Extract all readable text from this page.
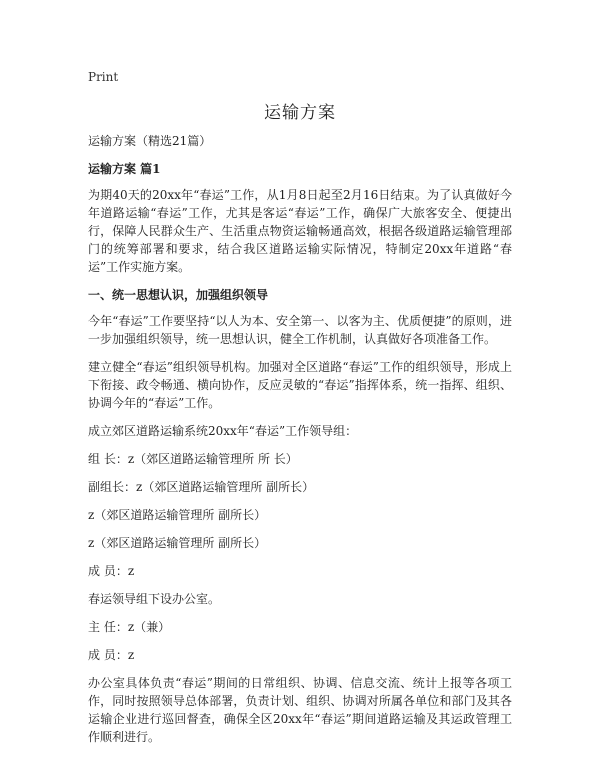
Print
运输方案

运输方案（精选21篇）

运输方案 篇1

为期40天的20xx年“春运”工作，从1月8日起至2月16日结束。为了认真做好今年道路运输“春运”工作，尤其是客运“春运”工作，确保广大旅客安全、便捷出行，保障人民群众生产、生活重点物资运输畅通高效，根据各级道路运输管理部门的统筹部署和要求，结合我区道路运输实际情况，特制定20xx年道路“春运”工作实施方案。

一、统一思想认识，加强组织领导

今年“春运”工作要坚持“以人为本、安全第一、以客为主、优质便捷”的原则，进一步加强组织领导，统一思想认识，健全工作机制，认真做好各项准备工作。

建立健全“春运”组织领导机构。加强对全区道路“春运”工作的组织领导，形成上下衔接、政令畅通、横向协作，反应灵敏的“春运”指挥体系，统一指挥、组织、协调今年的“春运”工作。

成立郊区道路运输系统20xx年“春运”工作领导组：

组 长：z（郊区道路运输管理所 所 长）

副组长：z（郊区道路运输管理所 副所长）

z（郊区道路运输管理所 副所长）

z（郊区道路运输管理所 副所长）

成 员：z

春运领导组下设办公室。

主 任：z（兼）

成 员：z

办公室具体负责“春运”期间的日常组织、协调、信息交流、统计上报等各项工作，同时按照领导总体部署，负责计划、组织、协调对所属各单位和部门及其各运输企业进行巡回督查，确保全区20xx年“春运”期间道路运输及其运政管理工作顺利进行。
